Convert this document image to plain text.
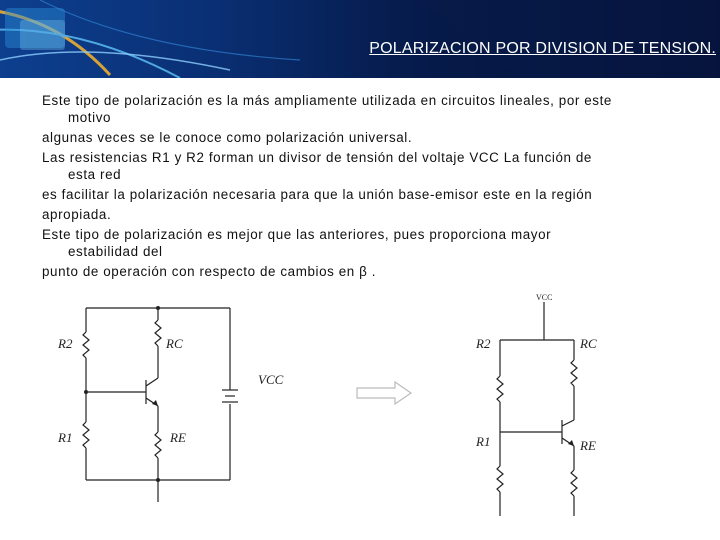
POLARIZACION POR DIVISION DE TENSION.

Este tipo de polarización es la más ampliamente utilizada en circuitos lineales, por este
motivo

algunas veces se le conoce como polarización universal.

Las resistencias R1 y R2 forman un divisor de tensión del voltaje VCC La función de
esta red

es facilitar la polarización necesaria para que la unión base-emisor este en la región

apropiada.

Este tipo de polarización es mejor que las anteriores, pues proporciona mayor
estabilidad del

punto de operación con respecto de cambios en β .

R2	RC
R1	RE
VCC
VCC
R2	RC
R1	RE
